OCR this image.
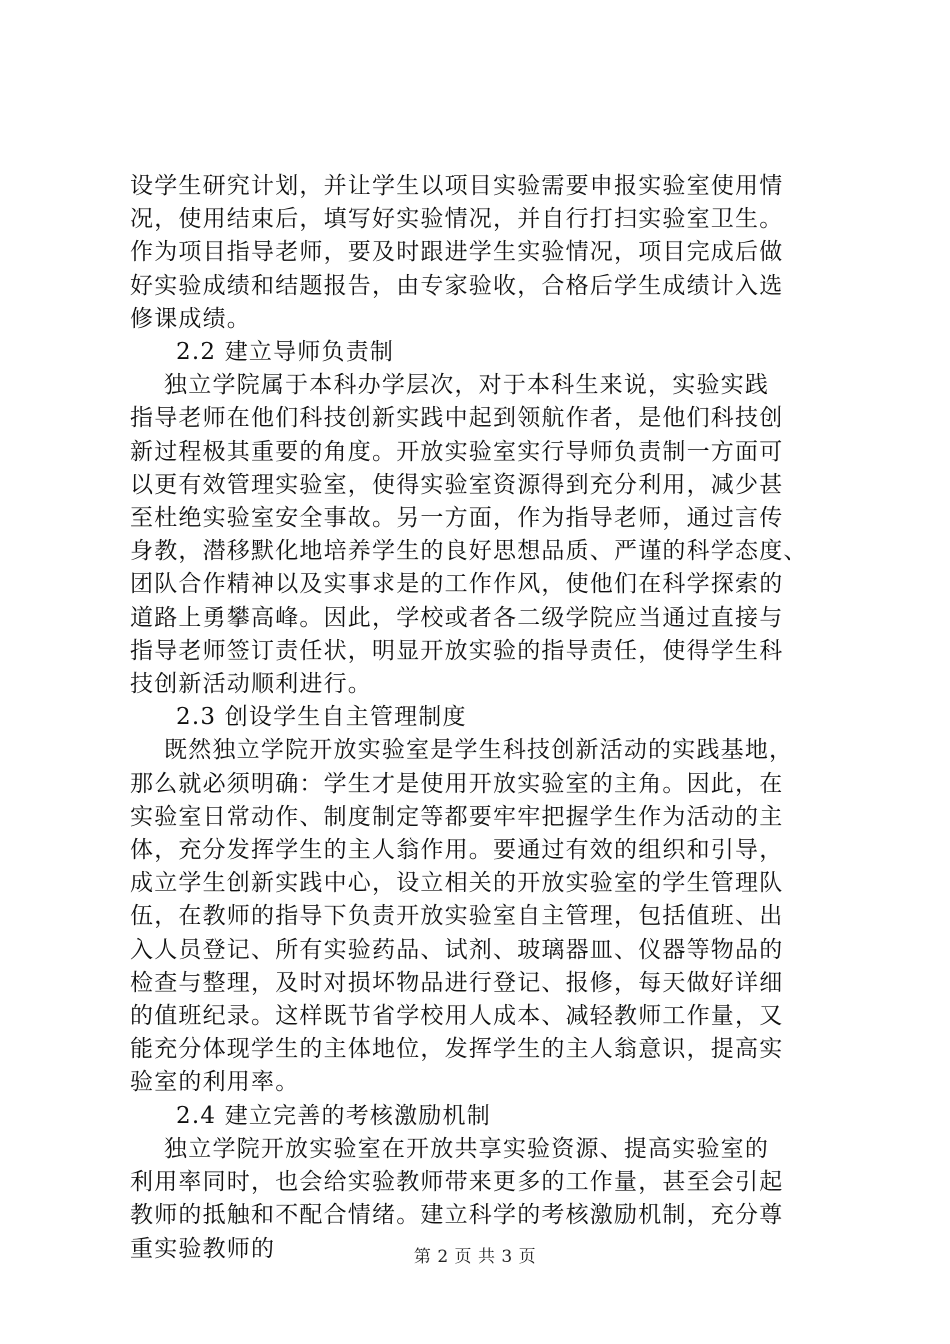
设学生研究计划，并让学生以项目实验需要申报实验室使用情
况，使用结束后，填写好实验情况，并自行打扫实验室卫生。
作为项目指导老师，要及时跟进学生实验情况，项目完成后做
好实验成绩和结题报告，由专家验收，合格后学生成绩计入选
修课成绩。
2.2 建立导师负责制
独立学院属于本科办学层次，对于本科生来说，实验实践
指导老师在他们科技创新实践中起到领航作者，是他们科技创
新过程极其重要的角度。开放实验室实行导师负责制一方面可
以更有效管理实验室，使得实验室资源得到充分利用，减少甚
至杜绝实验室安全事故。另一方面，作为指导老师，通过言传
身教，潜移默化地培养学生的良好思想品质、严谨的科学态度、
团队合作精神以及实事求是的工作作风，使他们在科学探索的
道路上勇攀高峰。因此，学校或者各二级学院应当通过直接与
指导老师签订责任状，明显开放实验的指导责任，使得学生科
技创新活动顺利进行。
2.3 创设学生自主管理制度
既然独立学院开放实验室是学生科技创新活动的实践基地，
那么就必须明确：学生才是使用开放实验室的主角。因此，在
实验室日常动作、制度制定等都要牢牢把握学生作为活动的主
体，充分发挥学生的主人翁作用。要通过有效的组织和引导，
成立学生创新实践中心，设立相关的开放实验室的学生管理队
伍，在教师的指导下负责开放实验室自主管理，包括值班、出
入人员登记、所有实验药品、试剂、玻璃器皿、仪器等物品的
检查与整理，及时对损坏物品进行登记、报修，每天做好详细
的值班纪录。这样既节省学校用人成本、减轻教师工作量，又
能充分体现学生的主体地位，发挥学生的主人翁意识，提高实
验室的利用率。
2.4 建立完善的考核激励机制
独立学院开放实验室在开放共享实验资源、提高实验室的
利用率同时，也会给实验教师带来更多的工作量，甚至会引起
教师的抵触和不配合情绪。建立科学的考核激励机制，充分尊
重实验教师的	第 2 页 共 3 页
